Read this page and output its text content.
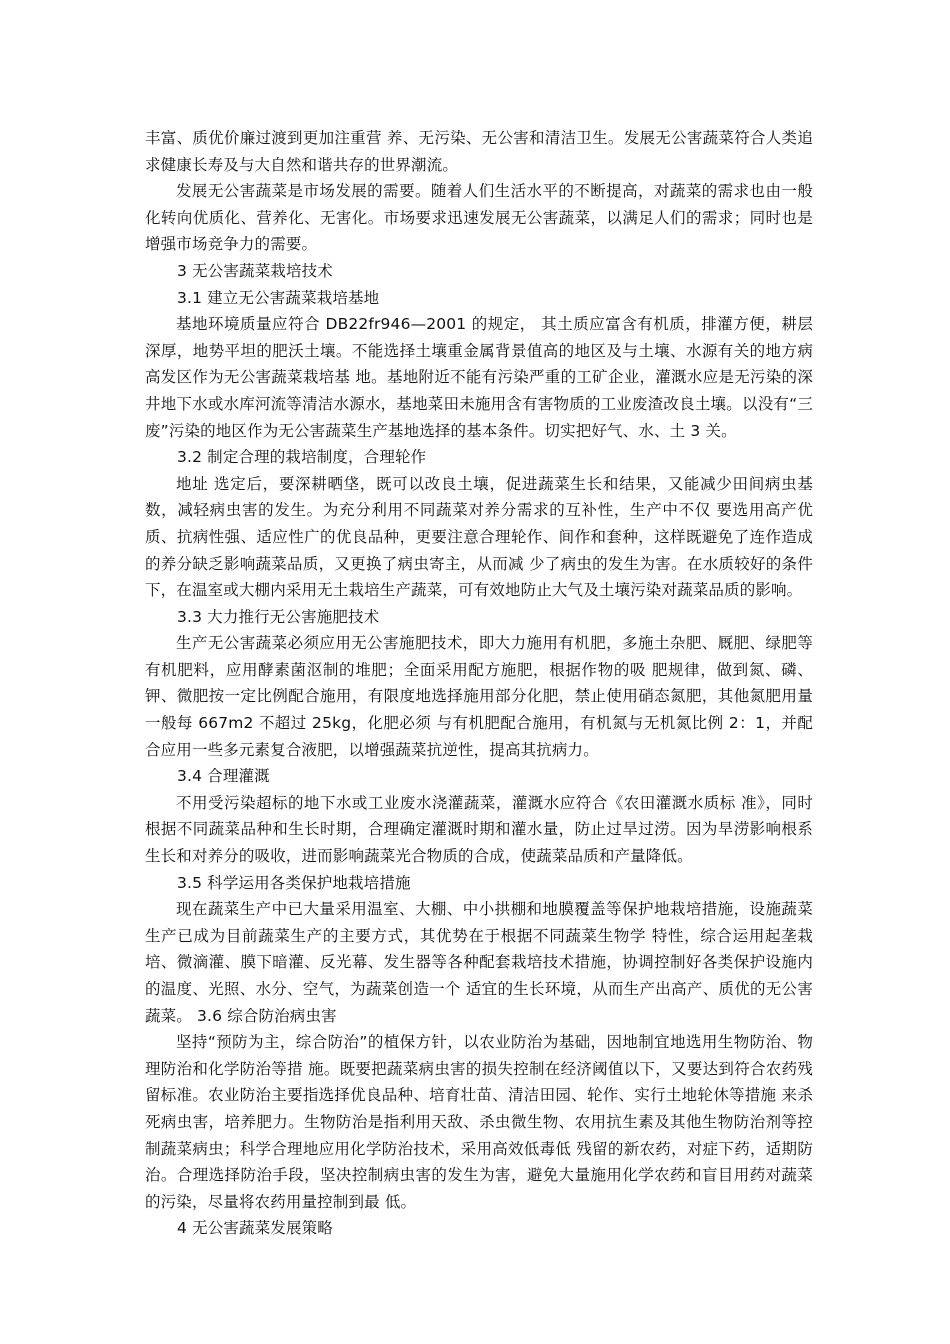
丰富、质优价廉过渡到更加注重营 养、无污染、无公害和清洁卫生。发展无公害蔬菜符合人类追求健康长寿及与大自然和谐共存的世界潮流。

发展无公害蔬菜是市场发展的需要。随着人们生活水平的不断提高，对蔬菜的需求也由一般化转向优质化、营养化、无害化。市场要求迅速发展无公害蔬菜，以满足人们的需求；同时也是增强市场竞争力的需要。

3 无公害蔬菜栽培技术

3.1 建立无公害蔬菜栽培基地

基地环境质量应符合 DB22fr946—2001 的规定， 其土质应富含有机质，排灌方便，耕层深厚，地势平坦的肥沃土壤。不能选择土壤重金属背景值高的地区及与土壤、水源有关的地方病高发区作为无公害蔬菜栽培基 地。基地附近不能有污染严重的工矿企业，灌溉水应是无污染的深井地下水或水库河流等清洁水源水，基地菜田未施用含有害物质的工业废渣改良土壤。以没有“三 废”污染的地区作为无公害蔬菜生产基地选择的基本条件。切实把好气、水、土 3 关。

3.2 制定合理的栽培制度，合理轮作

地址 选定后，要深耕晒垡，既可以改良土壤，促进蔬菜生长和结果，又能减少田间病虫基数，减轻病虫害的发生。为充分利用不同蔬菜对养分需求的互补性，生产中不仅 要选用高产优质、抗病性强、适应性广的优良品种，更要注意合理轮作、间作和套种，这样既避免了连作造成的养分缺乏影响蔬菜品质，又更换了病虫寄主，从而减 少了病虫的发生为害。在水质较好的条件下，在温室或大棚内采用无土栽培生产蔬菜，可有效地防止大气及土壤污染对蔬菜品质的影响。

3.3 大力推行无公害施肥技术

生产无公害蔬菜必须应用无公害施肥技术，即大力施用有机肥，多施土杂肥、厩肥、绿肥等有机肥料，应用酵素菌沤制的堆肥；全面采用配方施肥，根据作物的吸 肥规律，做到氮、磷、钾、微肥按一定比例配合施用，有限度地选择施用部分化肥，禁止使用硝态氮肥，其他氮肥用量一般每 667m2 不超过 25kg，化肥必须 与有机肥配合施用，有机氮与无机氮比例 2：1，并配合应用一些多元素复合液肥，以增强蔬菜抗逆性，提高其抗病力。

3.4 合理灌溉

不用受污染超标的地下水或工业废水浇灌蔬菜，灌溉水应符合《农田灌溉水质标 准》，同时根据不同蔬菜品种和生长时期，合理确定灌溉时期和灌水量，防止过旱过涝。因为旱涝影响根系生长和对养分的吸收，进而影响蔬菜光合物质的合成，使蔬菜品质和产量降低。

3.5 科学运用各类保护地栽培措施

现在蔬菜生产中已大量采用温室、大棚、中小拱棚和地膜覆盖等保护地栽培措施，设施蔬菜生产已成为目前蔬菜生产的主要方式，其优势在于根据不同蔬菜生物学 特性，综合运用起垄栽培、微滴灌、膜下暗灌、反光幕、发生器等各种配套栽培技术措施，协调控制好各类保护设施内的温度、光照、水分、空气，为蔬菜创造一个 适宜的生长环境，从而生产出高产、质优的无公害蔬菜。 3.6 综合防治病虫害

坚持“预防为主，综合防治”的植保方针，以农业防治为基础，因地制宜地选用生物防治、物理防治和化学防治等措 施。既要把蔬菜病虫害的损失控制在经济阈值以下，又要达到符合农药残留标准。农业防治主要指选择优良品种、培育壮苗、清洁田园、轮作、实行土地轮休等措施 来杀死病虫害，培养肥力。生物防治是指利用天敌、杀虫微生物、农用抗生素及其他生物防治剂等控制蔬菜病虫；科学合理地应用化学防治技术，采用高效低毒低 残留的新农药，对症下药，适期防治。合理选择防治手段，坚决控制病虫害的发生为害，避免大量施用化学农药和盲目用药对蔬菜的污染，尽量将农药用量控制到最 低。

4 无公害蔬菜发展策略
